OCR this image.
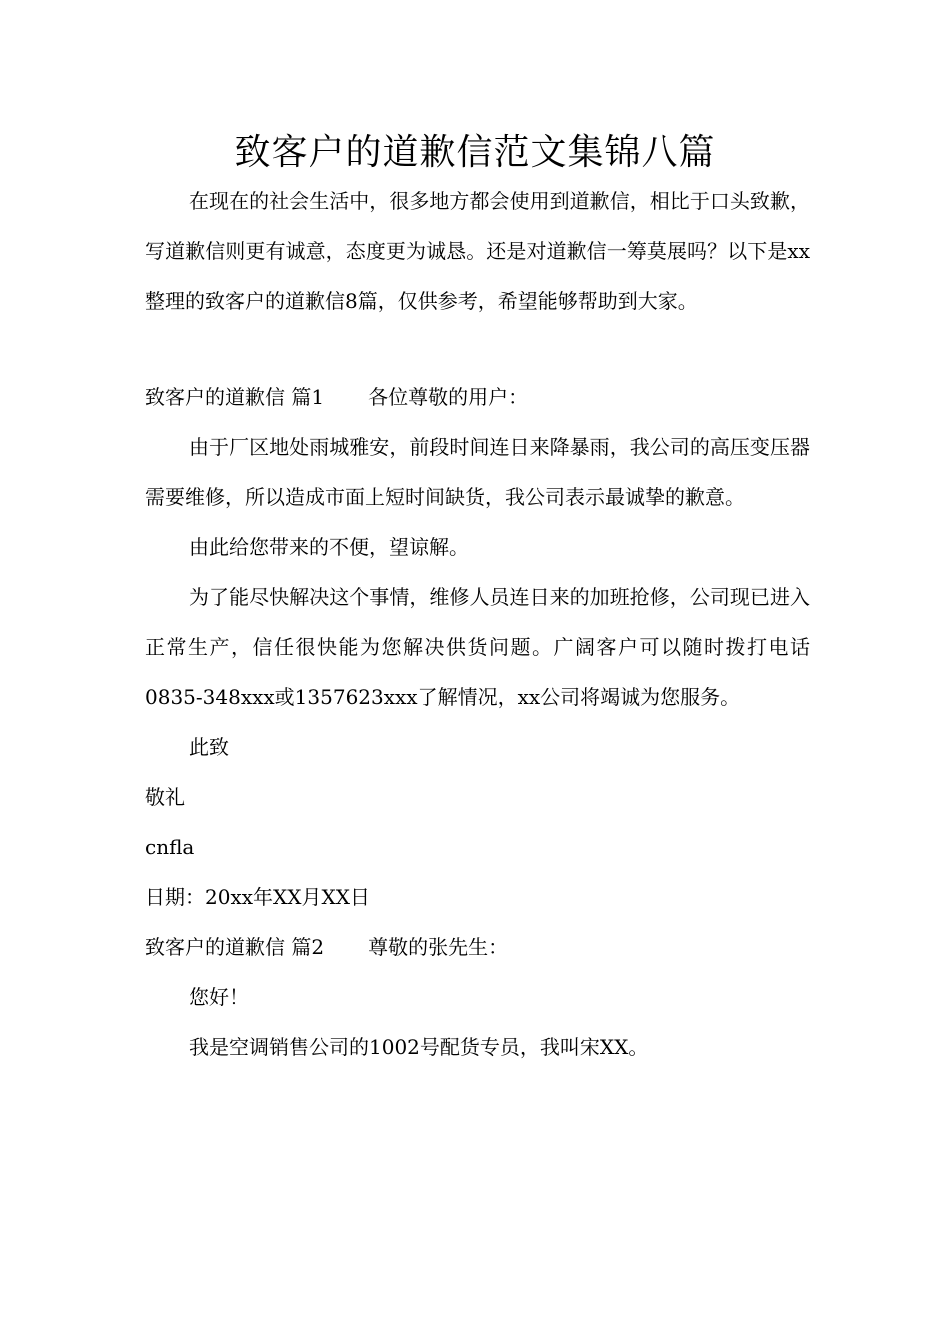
致客户的道歉信范文集锦八篇

在现在的社会生活中，很多地方都会使用到道歉信，相比于口头致歉，写道歉信则更有诚意，态度更为诚恳。还是对道歉信一筹莫展吗？以下是xx整理的致客户的道歉信8篇，仅供参考，希望能够帮助到大家。

致客户的道歉信 篇1 各位尊敬的用户：

由于厂区地处雨城雅安，前段时间连日来降暴雨，我公司的高压变压器需要维修，所以造成市面上短时间缺货，我公司表示最诚挚的歉意。

由此给您带来的不便，望谅解。

为了能尽快解决这个事情，维修人员连日来的加班抢修，公司现已进入正常生产，信任很快能为您解决供货问题。广阔客户可以随时拨打电话0835-348xxx或1357623xxx了解情况，xx公司将竭诚为您服务。

此致

敬礼

cnfla

日期：20xx年XX月XX日

致客户的道歉信 篇2 尊敬的张先生：

您好！

我是空调销售公司的1002号配货专员，我叫宋XX。
